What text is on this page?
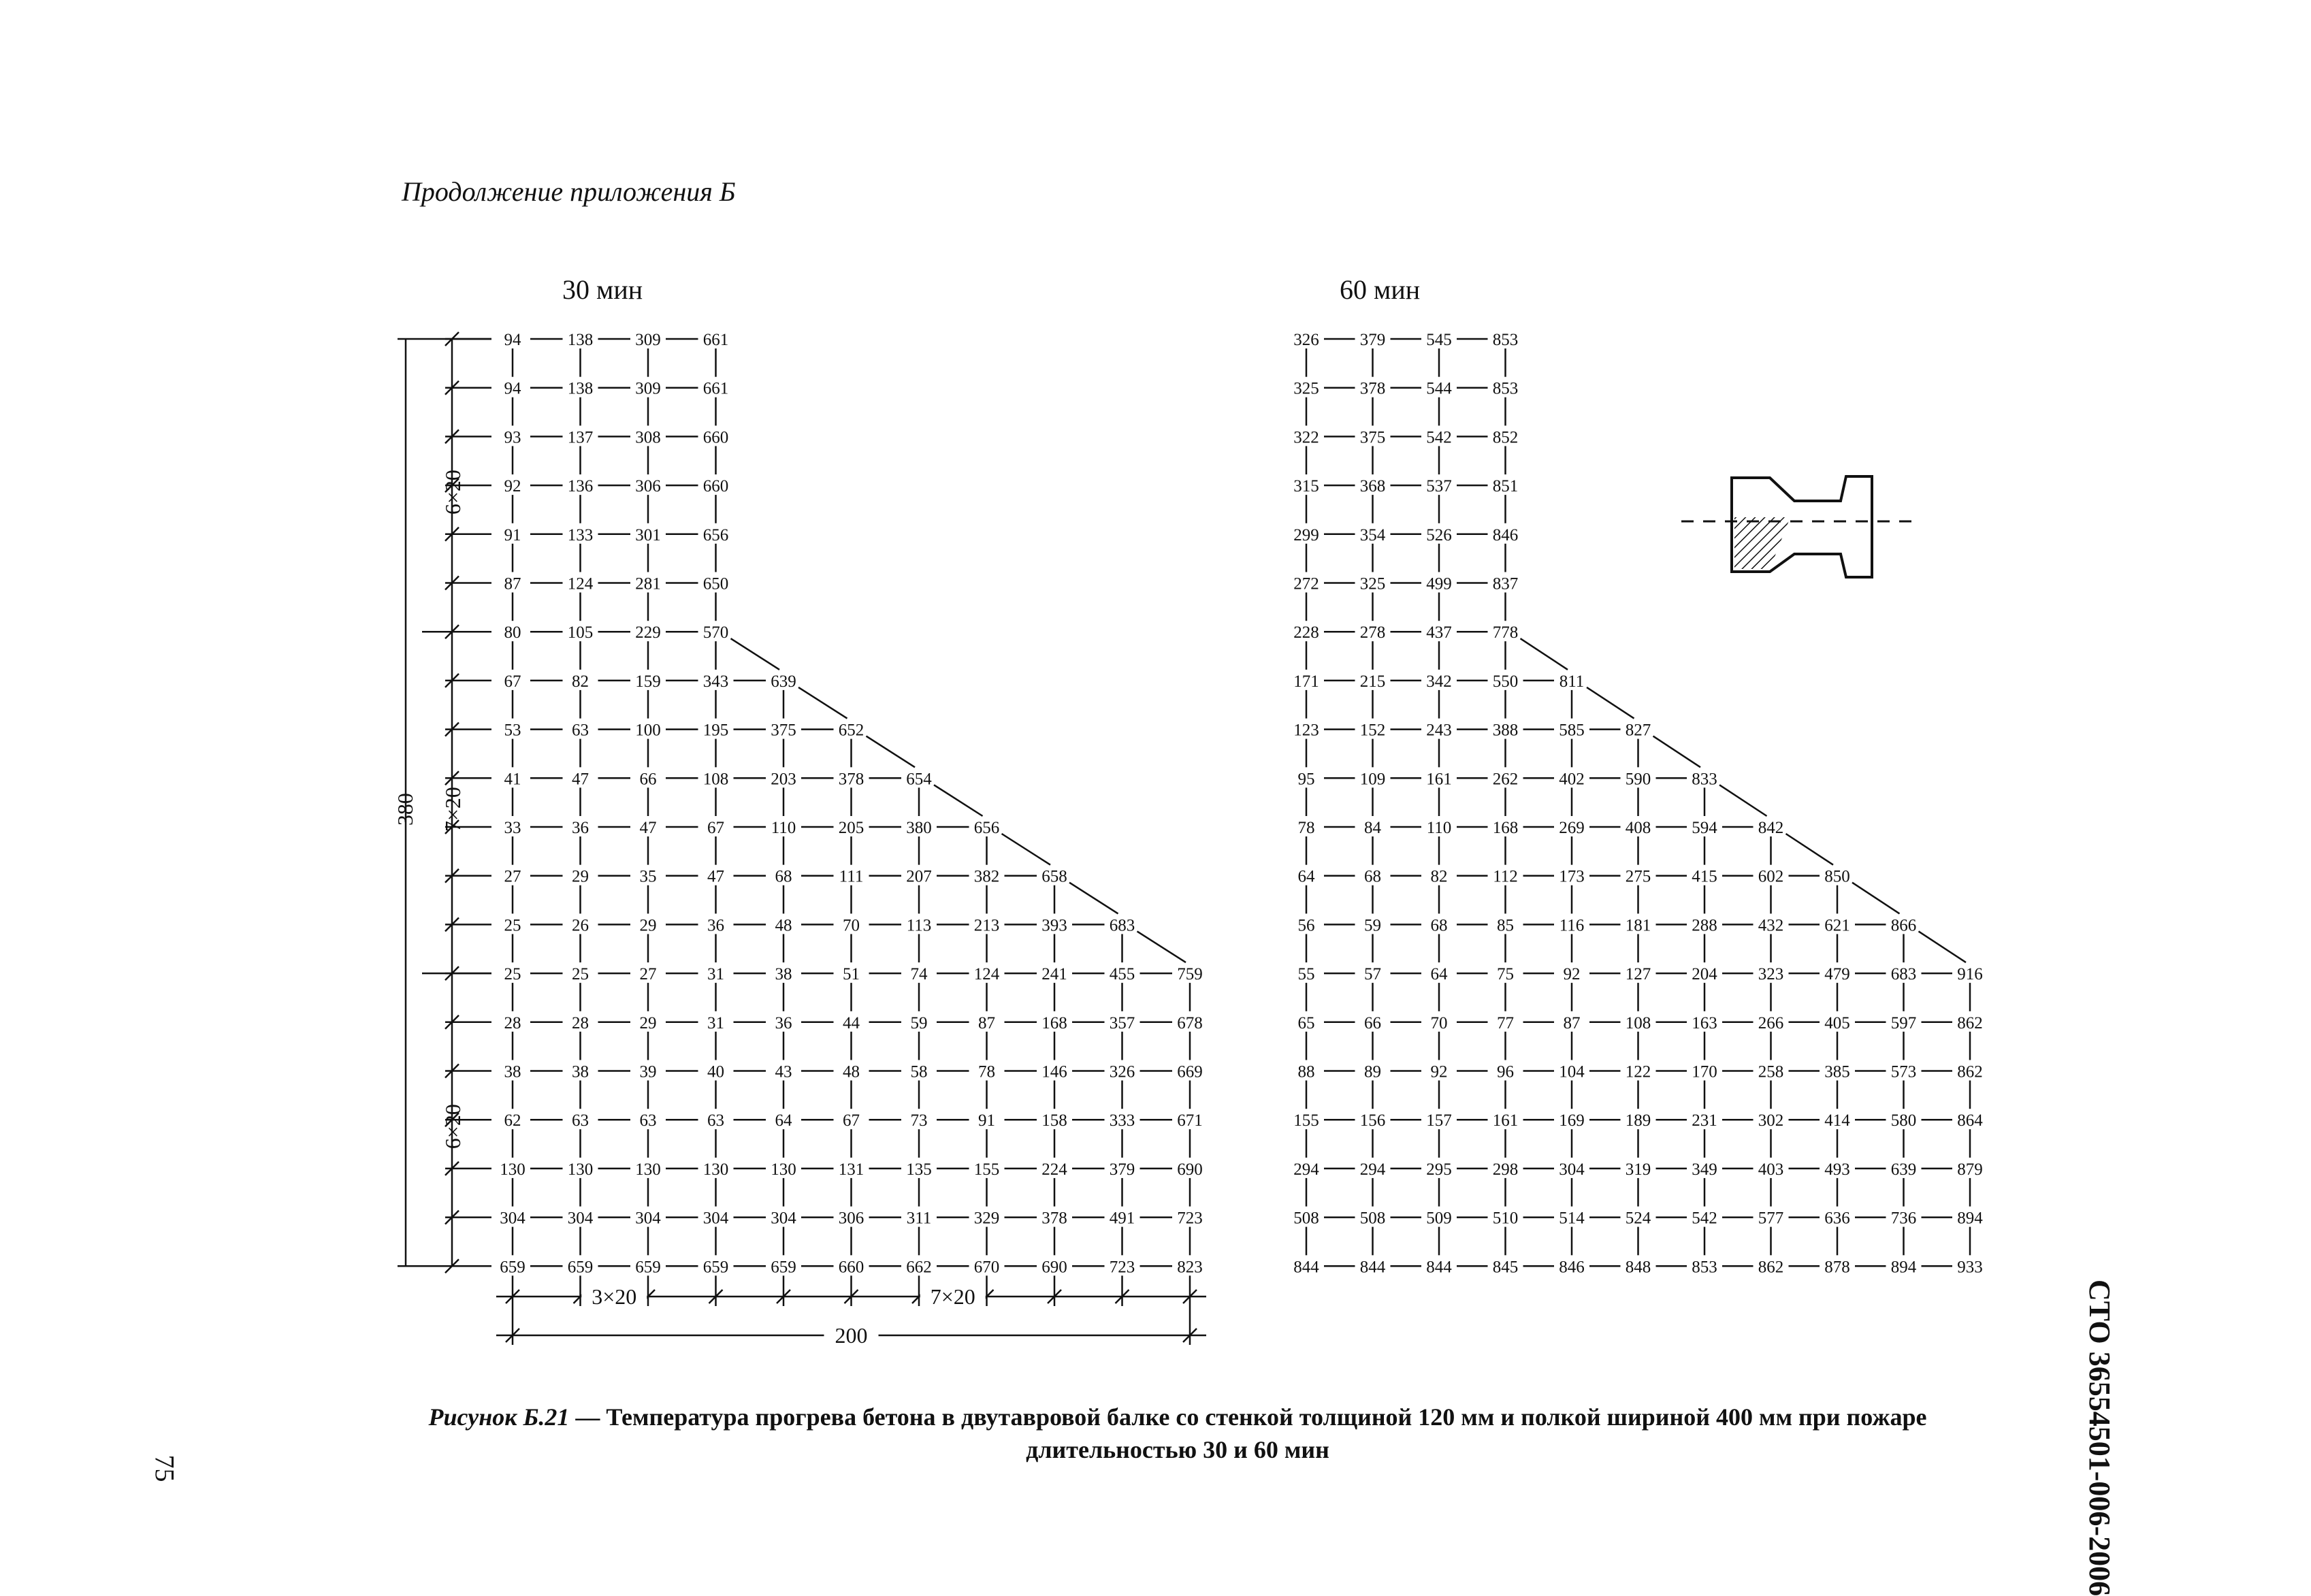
Продолжение приложения Б
30 мин	60 мин
94	138 309 661
94	138 309 661
93	137 308 660
92	136 306 660
91	133 301 656
87	124 281 650
80	105 229 570
67	82	159 343 639
53	63	100 195 375 652
41	47	66	108 203 378 654
33	36	47	67	110 205 380 656
27	29	35	47	68	111	207 382 658
25	26	29	36	48	70	113 213 393 683
25	25	27	31	38	51	74	124 241 455 759
28	28	29	31	36	44	59	87	168 357 678
38	38	39	40	43	48	58	78	146 326 669
62	63	63	63	64	67	73	91	158 333 671
130 130 130 130 130 131 135 155 224 379 690
304 304 304 304 304 306 311 329 378 491 723
659 659 659 659 659 660 662 670 690 723 823
326 379 545 853
325 378 544 853
322 375 542 852
315 368 537 851
299 354 526 846
272 325 499 837
228 278 437 778
171 215 342 550 811
123 152 243 388 585 827
95	109 161 262 402 590 833
78	84	110 168 269 408 594 842
64	68	82	112 173 275 415 602 850
56	59	68	85	116 181 288 432 621 866
55	57	64	75	92	127 204 323 479 683 916
65	66	70	77	87	108 163 266 405 597 862
88	89	92	96	104 122 170 258 385 573 862
155 156 157 161 169 189 231 302 414 580 864
294 294 295 298 304 319 349 403 493 639 879
508 508 509 510 514 524 542 577 636 736 894
844 844 844 845 846 848 853 862 878 894 933
380
6×20
7×20
6×20
3×20	7×20
200
Рисунок Б.21 — Температура прогрева бетона в двутавровой балке со стенкой толщиной 120 мм и полкой шириной 400 мм при пожаре длительностью 30 и 60 мин
75	СТО 36554501-006-2006
